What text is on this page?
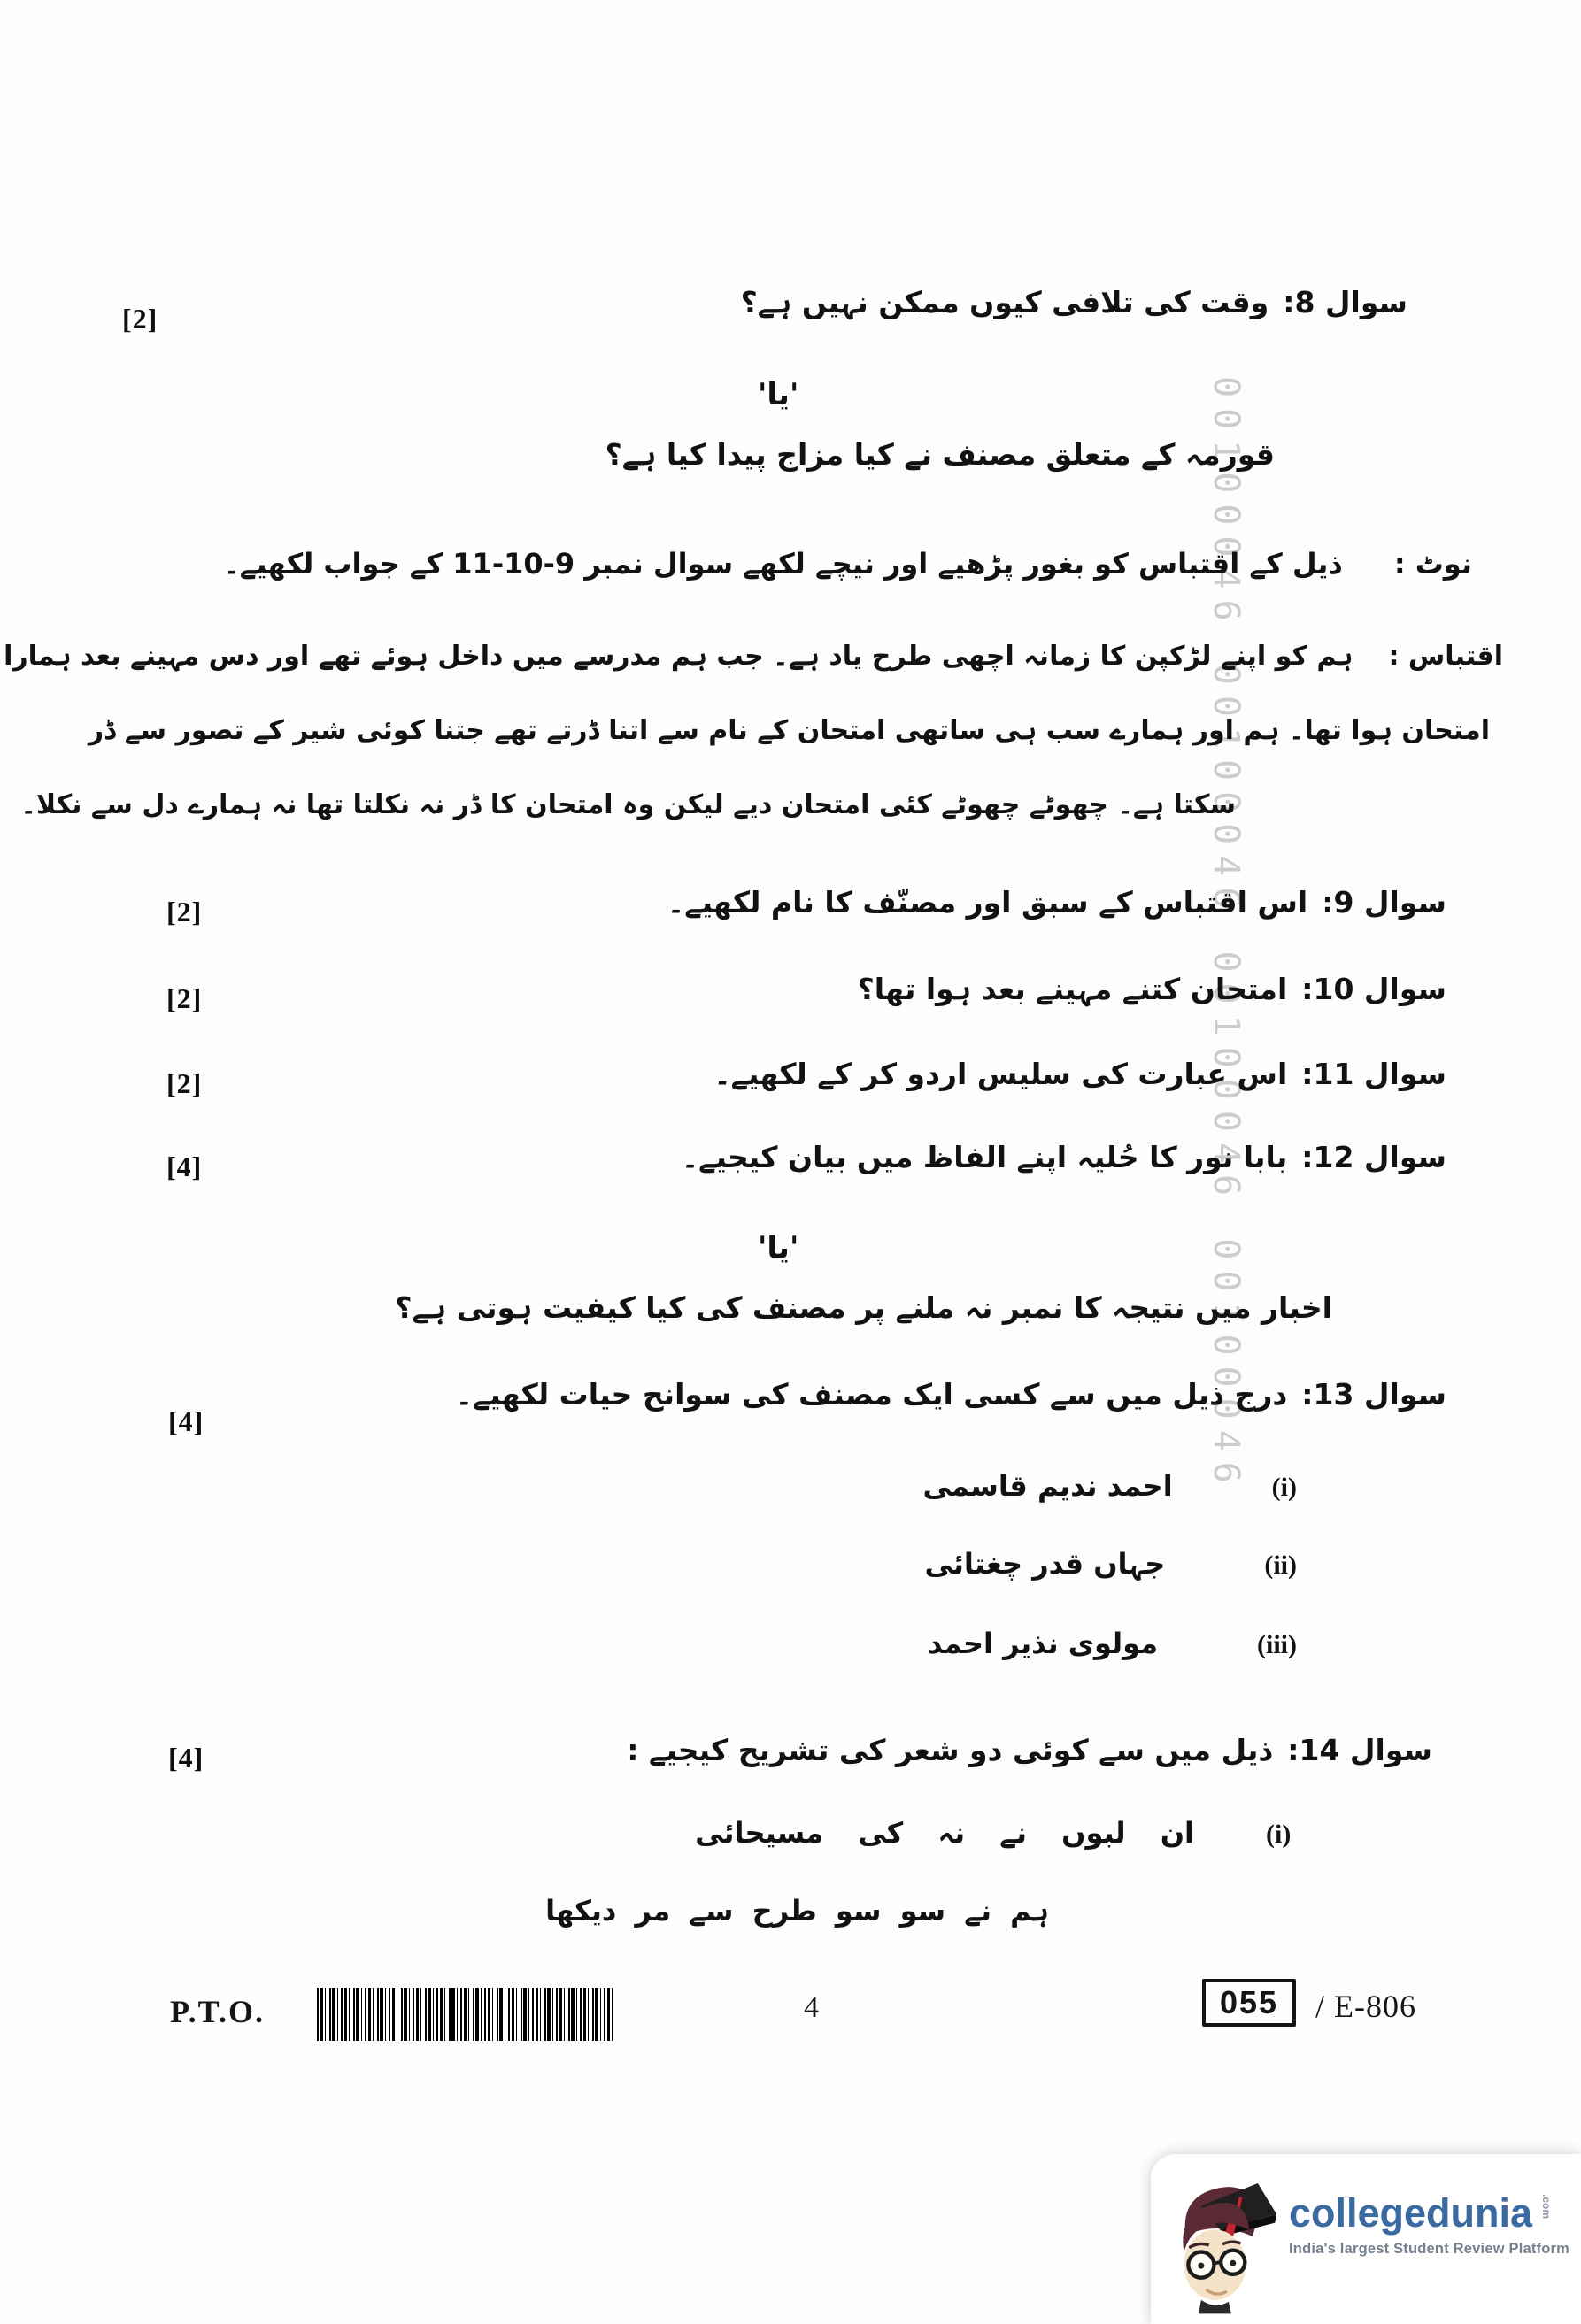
00100046 00100046 00100046 00100046
[2]	سوال 8:وقت کی تلافی کیوں ممکن نہیں ہے؟
'یا'
قورمہ کے متعلق مصنف نے کیا مزاج پیدا کیا ہے؟
نوٹ :ذیل کے اقتباس کو بغور پڑھیے اور نیچے لکھے سوال نمبر 9-10-11 کے جواب لکھیے۔
اقتباس :ہم کو اپنے لڑکپن کا زمانہ اچھی طرح یاد ہے۔ جب ہم مدرسے میں داخل ہوئے تھے اور دس مہینے بعد ہمارا
امتحان ہوا تھا۔ ہم اور ہمارے سب ہی ساتھی امتحان کے نام سے اتنا ڈرتے تھے جتنا کوئی شیر کے تصور سے ڈر
سکتا ہے۔ چھوٹے چھوٹے کئی امتحان دیے لیکن وہ امتحان کا ڈر نہ نکلتا تھا نہ ہمارے دل سے نکلا۔
[2]	سوال 9:اس اقتباس کے سبق اور مصنّف کا نام لکھیے۔
[2]	سوال 10:امتحان کتنے مہینے بعد ہوا تھا؟
[2]	سوال 11:اس عبارت کی سلیس اردو کر کے لکھیے۔
[4]	سوال 12:بابا نور کا حُلیہ اپنے الفاظ میں بیان کیجیے۔
'یا'
اخبار میں نتیجہ کا نمبر نہ ملنے پر مصنف کی کیا کیفیت ہوتی ہے؟
[4]
سوال 13:درج ذیل میں سے کسی ایک مصنف کی سوانح حیات لکھیے۔
(i)احمد ندیم قاسمی
(ii)جہاں قدر چغتائی
(iii)مولوی نذیر احمد
[4]	سوال 14:ذیل میں سے کوئی دو شعر کی تشریح کیجیے :
(i)
ان لبوں نے نہ کی مسیحائی
ہم نے سو سو طرح سے مر دیکھا
P.T.O.	4	055	/ E-806
collegedunia .com
India's largest Student Review Platform
